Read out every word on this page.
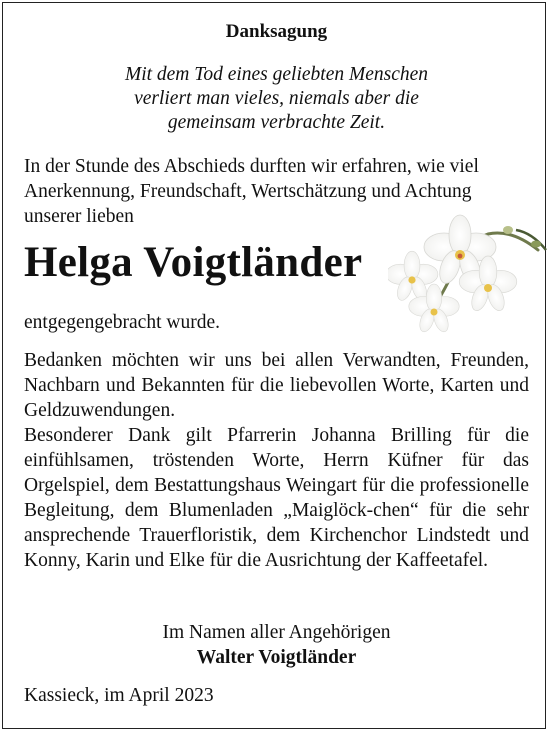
Danksagung
Mit dem Tod eines geliebten Menschen
verliert man vieles, niemals aber die
gemeinsam verbrachte Zeit.
In der Stunde des Abschieds durften wir erfahren, wie viel
Anerkennung, Freundschaft, Wertschätzung und Achtung
unserer lieben
Helga Voigtländer
entgegengebracht wurde.

Bedanken möchten wir uns bei allen Verwandten, Freunden, Nachbarn und Bekannten für die liebevollen Worte, Karten und Geldzuwendungen.

Besonderer Dank gilt Pfarrerin Johanna Brilling für die einfühlsamen, tröstenden Worte, Herrn Küfner für das Orgelspiel, dem Bestattungshaus Weingart für die professionelle Begleitung, dem Blumenladen „Maiglöck-chen“ für die sehr ansprechende Trauerfloristik, dem Kirchenchor Lindstedt und Konny, Karin und Elke für die Ausrichtung der Kaffeetafel.

Im Namen aller Angehörigen
Walter Voigtländer
Kassieck, im April 2023
